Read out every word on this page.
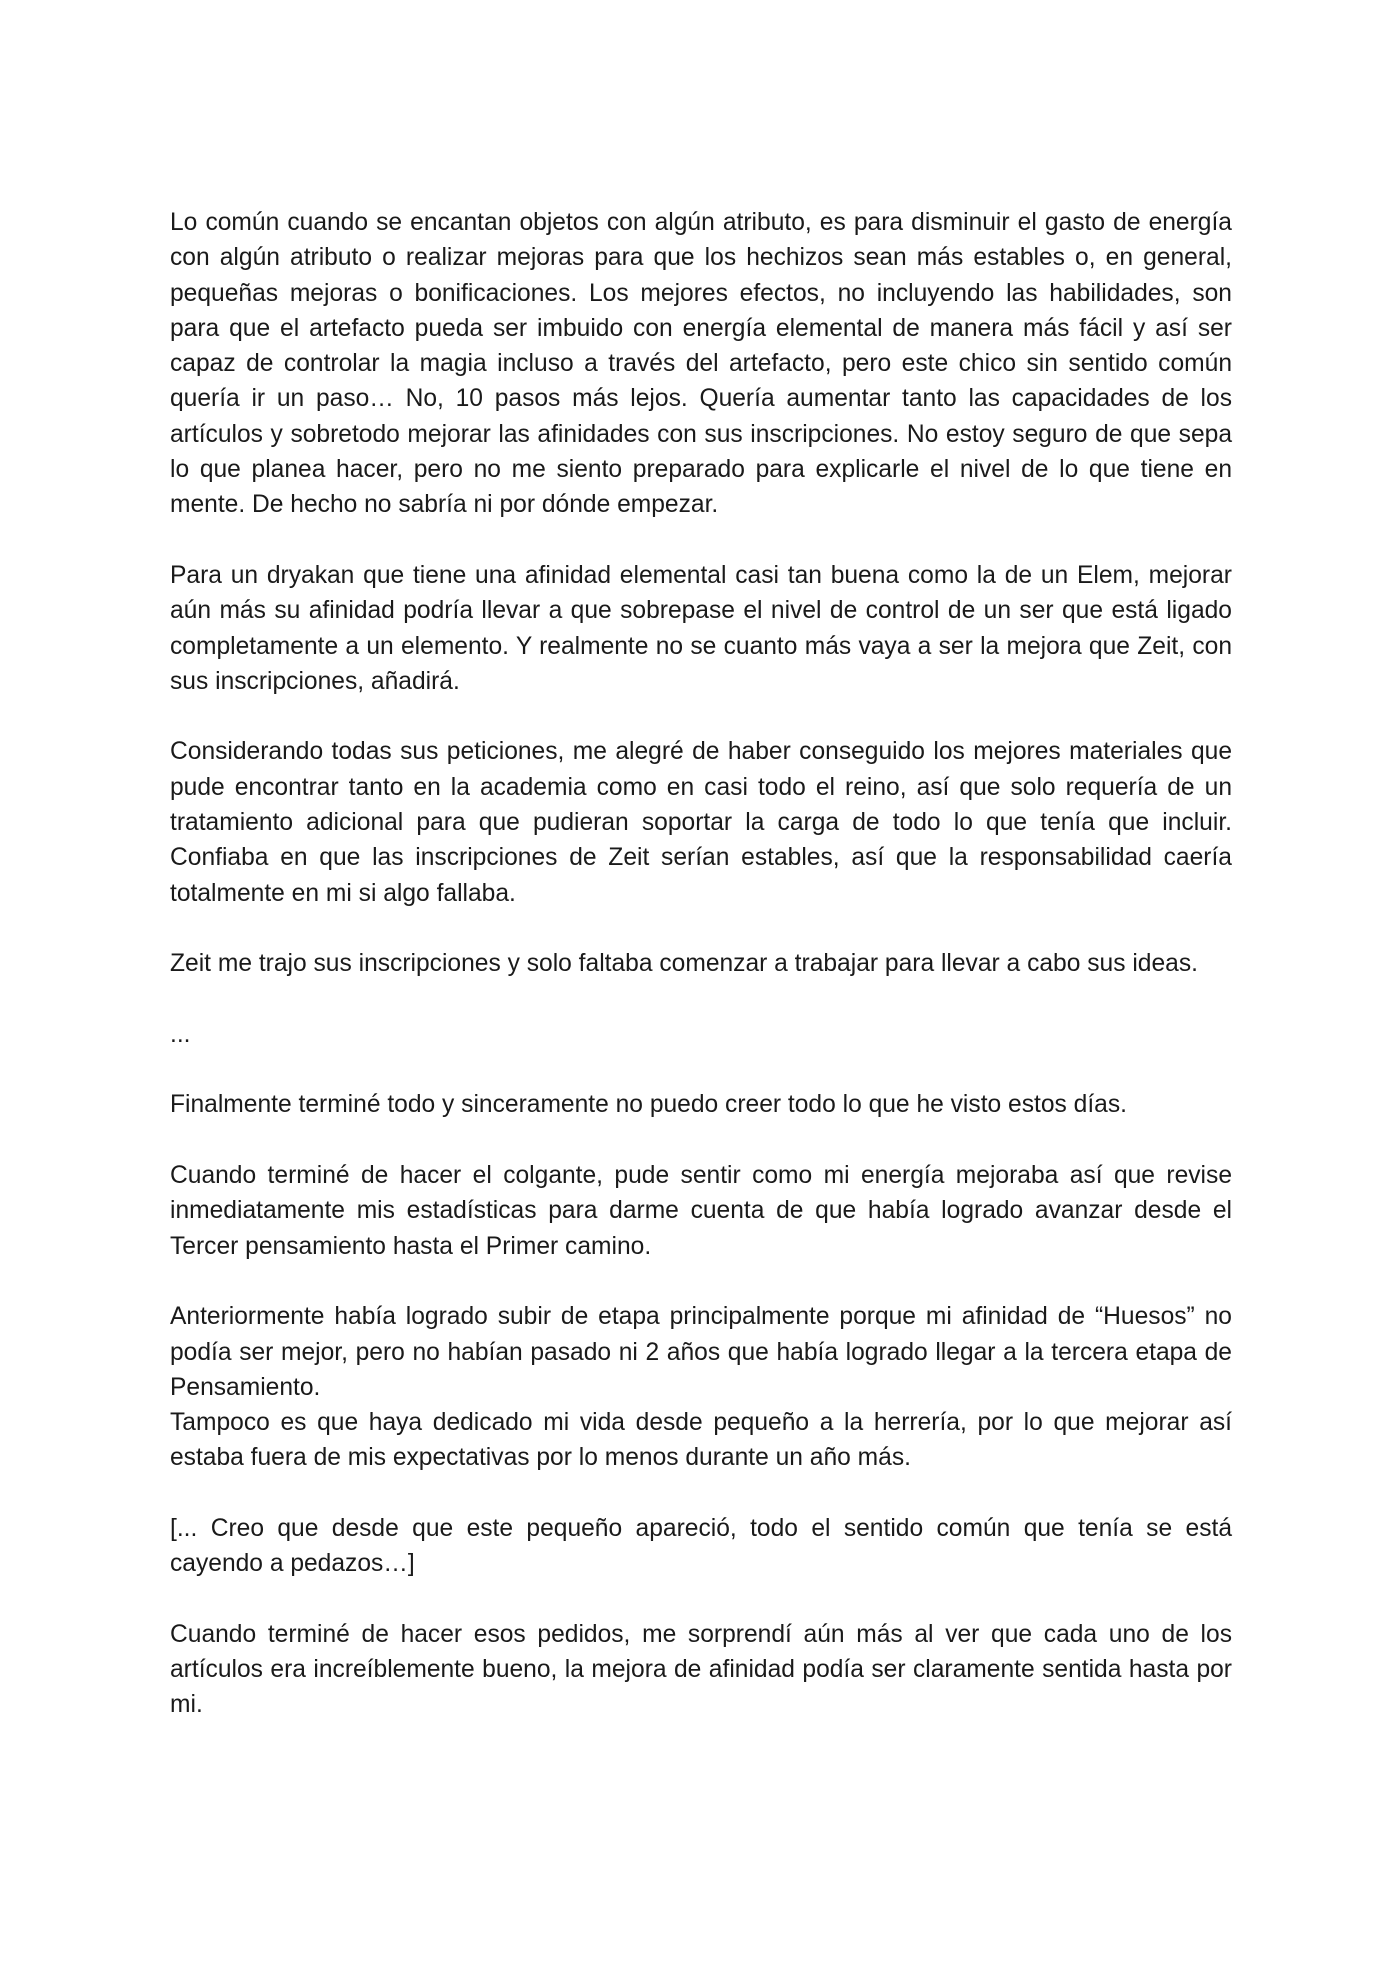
Lo común cuando se encantan objetos con algún atributo, es para disminuir el gasto de energía con algún atributo o realizar mejoras para que los hechizos sean más estables o, en general, pequeñas mejoras o bonificaciones. Los mejores efectos, no incluyendo las habilidades, son para que el artefacto pueda ser imbuido con energía elemental de manera más fácil y así ser capaz de controlar la magia incluso a través del artefacto, pero este chico sin sentido común quería ir un paso… No, 10 pasos más lejos. Quería aumentar tanto las capacidades de los artículos y sobretodo mejorar las afinidades con sus inscripciones. No estoy seguro de que sepa lo que planea hacer, pero no me siento preparado para explicarle el nivel de lo que tiene en mente. De hecho no sabría ni por dónde empezar.

Para un dryakan que tiene una afinidad elemental casi tan buena como la de un Elem, mejorar aún más su afinidad podría llevar a que sobrepase el nivel de control de un ser que está ligado completamente a un elemento. Y realmente no se cuanto más vaya a ser la mejora que Zeit, con sus inscripciones, añadirá.

Considerando todas sus peticiones, me alegré de haber conseguido los mejores materiales que pude encontrar tanto en la academia como en casi todo el reino, así que solo requería de un tratamiento adicional para que pudieran soportar la carga de todo lo que tenía que incluir. Confiaba en que las inscripciones de Zeit serían estables, así que la responsabilidad caería totalmente en mi si algo fallaba.

Zeit me trajo sus inscripciones y solo faltaba comenzar a trabajar para llevar a cabo sus ideas.

...

Finalmente terminé todo y sinceramente no puedo creer todo lo que he visto estos días.

Cuando terminé de hacer el colgante, pude sentir como mi energía mejoraba así que revise inmediatamente mis estadísticas para darme cuenta de que había logrado avanzar desde el Tercer pensamiento hasta el Primer camino.

Anteriormente había logrado subir de etapa principalmente porque mi afinidad de “Huesos” no podía ser mejor, pero no habían pasado ni 2 años que había logrado llegar a la tercera etapa de Pensamiento.

Tampoco es que haya dedicado mi vida desde pequeño a la herrería, por lo que mejorar así estaba fuera de mis expectativas por lo menos durante un año más.

[... Creo que desde que este pequeño apareció, todo el sentido común que tenía se está cayendo a pedazos…]

Cuando terminé de hacer esos pedidos, me sorprendí aún más al ver que cada uno de los artículos era increíblemente bueno, la mejora de afinidad podía ser claramente sentida hasta por mi.
